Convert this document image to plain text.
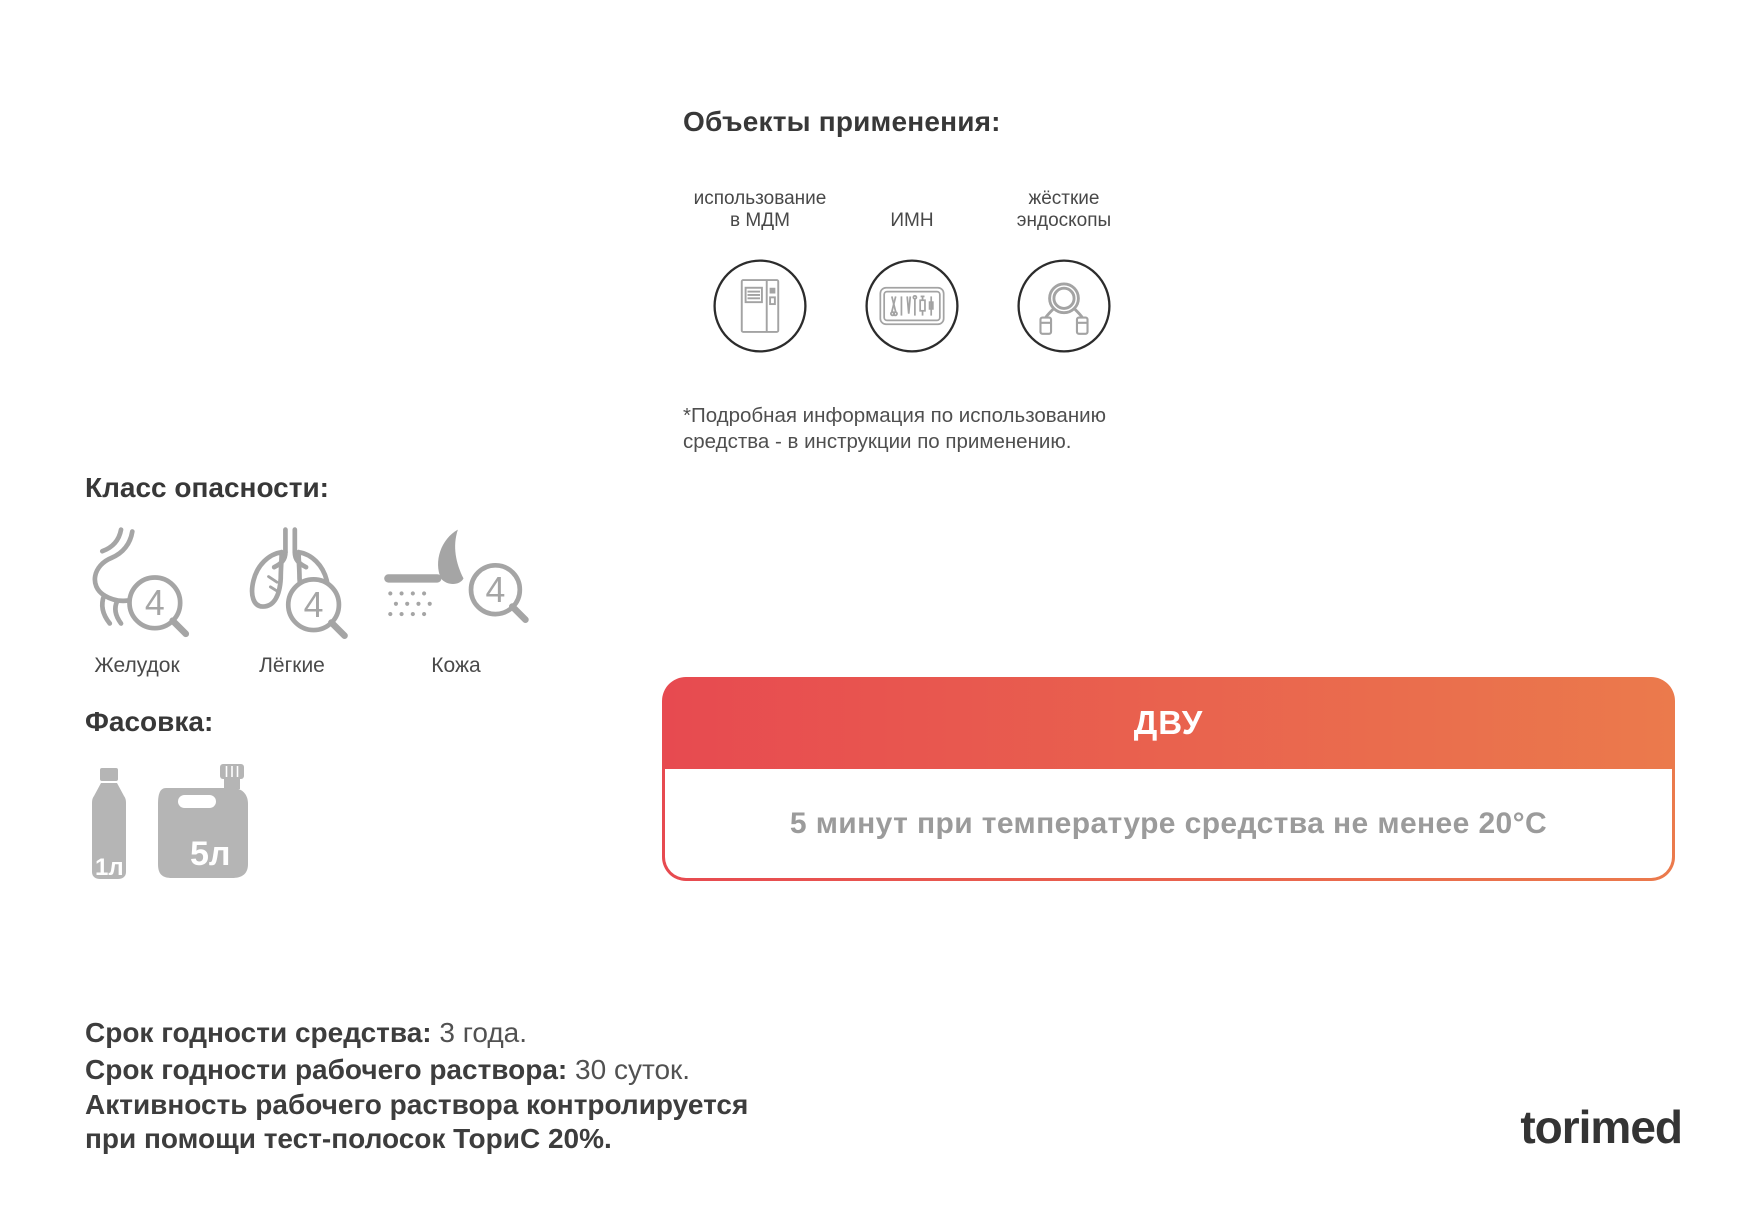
Объекты применения:
использование
в МДМ	ИМН
жёсткие
эндоскопы
*Подробная информация по использованию
средства - в инструкции по применению.
Класс опасности:
4
Желудок
4
Лёгкие
4
Кожа
Фасовка:
1л 5л
ДВУ
5 минут при температуре средства не менее 20°C
Срок годности средства: 3 года.
Срок годности рабочего раствора: 30 суток.
Активность рабочего раствора контролируется
при помощи тест-полосок ТориС 20%.	torimed
